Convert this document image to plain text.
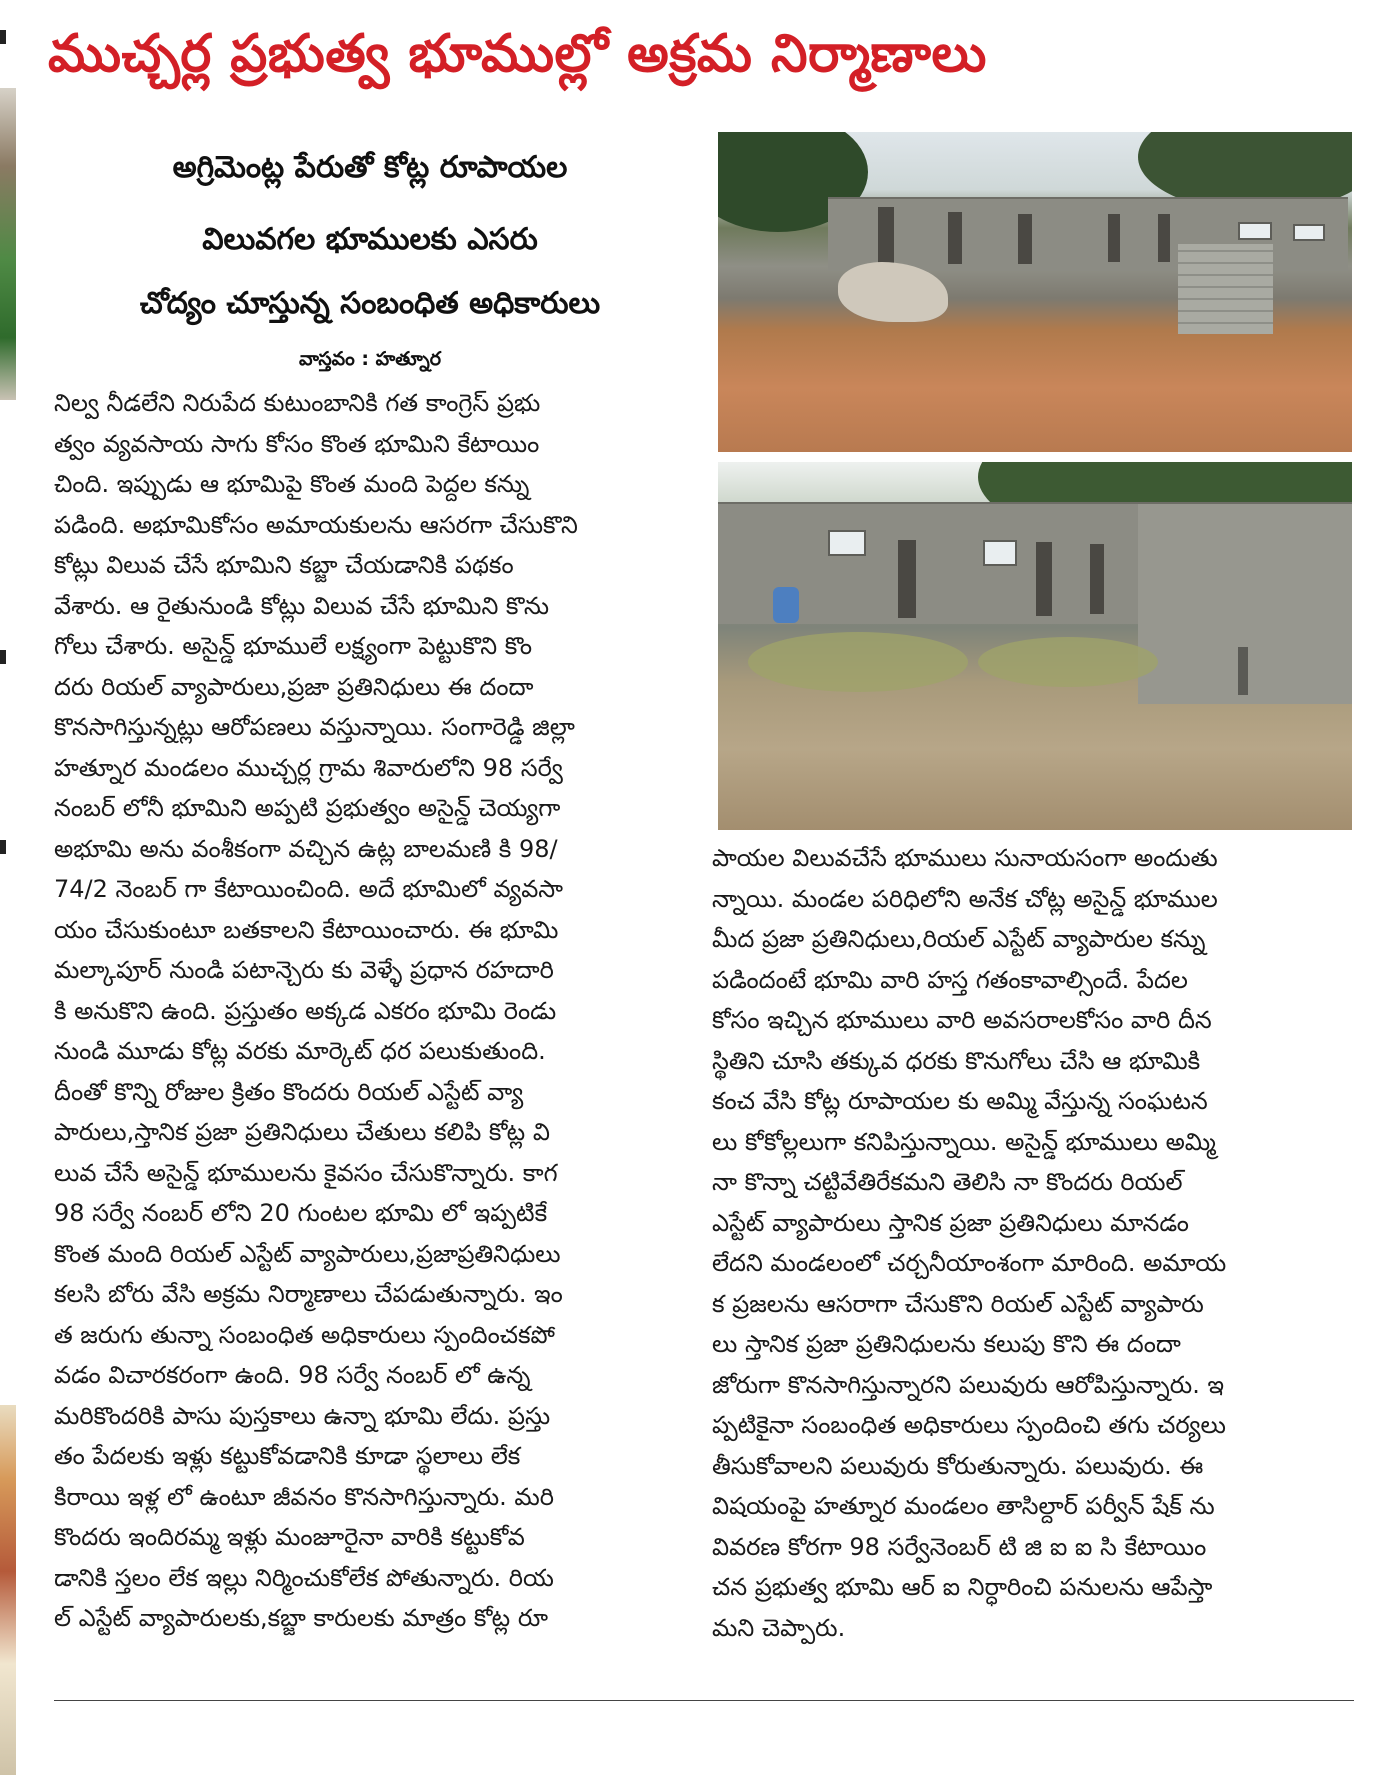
ముచ్చర్ల ప్రభుత్వ భూముల్లో అక్రమ నిర్మాణాలు
అగ్రిమెంట్ల పేరుతో కోట్ల రూపాయల
విలువగల భూములకు ఎసరు
చోద్యం చూస్తున్న సంబంధిత అధికారులు
వాస్తవం : హత్నూర
నిల్వ నీడలేని నిరుపేద కుటుంబానికి గత కాంగ్రెస్ ప్రభు
త్వం వ్యవసాయ సాగు కోసం కొంత భూమిని కేటాయిం
చింది. ఇప్పుడు ఆ భూమిపై కొంత మంది పెద్దల కన్ను
పడింది. అభూమికోసం అమాయకులను ఆసరగా చేసుకొని
కోట్లు విలువ చేసే భూమిని కబ్జా చేయడానికి పథకం
వేశారు. ఆ రైతునుండి కోట్లు విలువ చేసే భూమిని కొను
గోలు చేశారు. అసైన్డ్ భూములే లక్ష్యంగా పెట్టుకొని కొం
దరు రియల్ వ్యాపారులు,ప్రజా ప్రతినిధులు ఈ దందా
కొనసాగిస్తున్నట్లు ఆరోపణలు వస్తున్నాయి. సంగారెడ్డి జిల్లా
హత్నూర మండలం ముచ్చర్ల గ్రామ శివారులోని 98 సర్వే
నంబర్ లోనీ భూమిని అప్పటి ప్రభుత్వం అసైన్డ్ చెయ్యగా
అభూమి అను వంశీకంగా వచ్చిన ఉట్ల బాలమణి కి 98/
74/2 నెంబర్ గా కేటాయించింది. అదే భూమిలో వ్యవసా
యం చేసుకుంటూ బతకాలని కేటాయించారు. ఈ భూమి
మల్కాపూర్ నుండి పటాన్చెరు కు వెళ్ళే ప్రధాన రహదారి
కి అనుకొని ఉంది. ప్రస్తుతం అక్కడ ఎకరం భూమి రెండు
నుండి మూడు కోట్ల వరకు మార్కెట్ ధర పలుకుతుంది.
దీంతో కొన్ని రోజుల క్రితం కొందరు రియల్ ఎస్టేట్ వ్యా
పారులు,స్తానిక ప్రజా ప్రతినిధులు చేతులు కలిపి కోట్ల వి
లువ చేసే అసైన్డ్ భూములను కైవసం చేసుకొన్నారు. కాగ
98 సర్వే నంబర్ లోని 20 గుంటల భూమి లో ఇప్పటికే
కొంత మంది రియల్ ఎస్టేట్ వ్యాపారులు,ప్రజాప్రతినిధులు
కలసి బోరు వేసి అక్రమ నిర్మాణాలు చేపడుతున్నారు. ఇం
త జరుగు తున్నా సంబంధిత అధికారులు స్పందించకపో
వడం విచారకరంగా ఉంది. 98 సర్వే నంబర్ లో ఉన్న
మరికొందరికి పాసు పుస్తకాలు ఉన్నా భూమి లేదు. ప్రస్తు
తం పేదలకు ఇళ్లు కట్టుకోవడానికి కూడా స్థలాలు లేక
కిరాయి ఇళ్ల లో ఉంటూ జీవనం కొనసాగిస్తున్నారు. మరి
కొందరు ఇందిరమ్మ ఇళ్లు మంజూరైనా వారికి కట్టుకోవ
డానికి స్తలం లేక ఇల్లు నిర్మించుకోలేక పోతున్నారు. రియ
ల్ ఎస్టేట్ వ్యాపారులకు,కబ్జా కారులకు మాత్రం కోట్ల రూ
పాయల విలువచేసే భూములు సునాయసంగా అందుతు
న్నాయి. మండల పరిధిలోని అనేక చోట్ల అసైన్డ్ భూముల
మీద ప్రజా ప్రతినిధులు,రియల్ ఎస్టేట్ వ్యాపారుల కన్ను
పడిందంటే భూమి వారి హస్త గతంకావాల్సిందే. పేదల
కోసం ఇచ్చిన భూములు వారి అవసరాలకోసం వారి దీన
స్థితిని చూసి తక్కువ ధరకు కొనుగోలు చేసి ఆ భూమికి
కంచ వేసి కోట్ల రూపాయల కు అమ్మి వేస్తున్న సంఘటన
లు కోకోల్లలుగా కనిపిస్తున్నాయి. అసైన్డ్ భూములు అమ్మి
నా కొన్నా చట్టివేతిరేకమని తెలిసి నా కొందరు రియల్
ఎస్టేట్ వ్యాపారులు స్తానిక ప్రజా ప్రతినిధులు మానడం
లేదని మండలంలో చర్చనీయాంశంగా మారింది. అమాయ
క ప్రజలను ఆసరాగా చేసుకొని రియల్ ఎస్టేట్ వ్యాపారు
లు స్తానిక ప్రజా ప్రతినిధులను కలుపు కొని ఈ దందా
జోరుగా కొనసాగిస్తున్నారని పలువురు ఆరోపిస్తున్నారు. ఇ
ప్పటికైనా సంబంధిత అధికారులు స్పందించి తగు చర్యలు
తీసుకోవాలని పలువురు కోరుతున్నారు. పలువురు. ఈ
విషయంపై హత్నూర మండలం తాసిల్దార్ పర్వీన్ షేక్ ను
వివరణ కోరగా 98 సర్వేనెంబర్ టి జి ఐ ఐ సి కేటాయిం
చన ప్రభుత్వ భూమి ఆర్ ఐ నిర్ధారించి పనులను ఆపేస్తా
మని చెప్పారు.
